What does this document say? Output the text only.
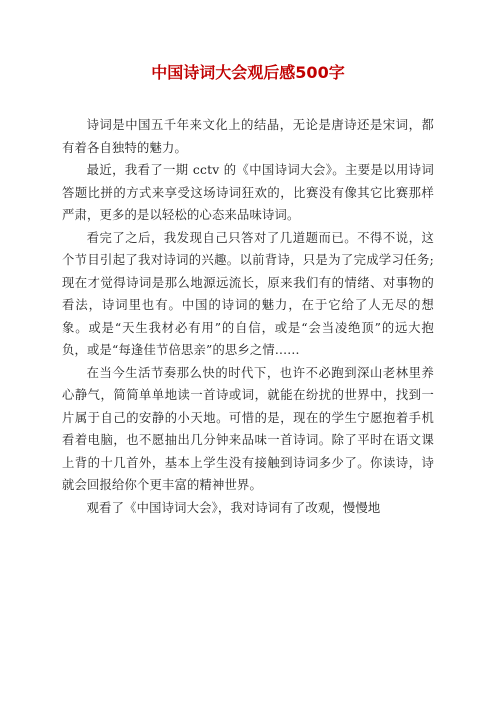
中国诗词大会观后感500字

诗词是中国五千年来文化上的结晶，无论是唐诗还是宋词，都有着各自独特的魅力。

最近，我看了一期 cctv 的《中国诗词大会》。主要是以用诗词答题比拼的方式来享受这场诗词狂欢的，比赛没有像其它比赛那样严肃，更多的是以轻松的心态来品味诗词。

看完了之后，我发现自己只答对了几道题而已。不得不说，这个节目引起了我对诗词的兴趣。以前背诗，只是为了完成学习任务;现在才觉得诗词是那么地源远流长，原来我们有的情绪、对事物的看法，诗词里也有。中国的诗词的魅力，在于它给了人无尽的想象。或是“天生我材必有用”的自信，或是“会当凌绝顶”的远大抱负，或是“每逢佳节倍思亲”的思乡之情......

在当今生活节奏那么快的时代下，也许不必跑到深山老林里养心静气，简简单单地读一首诗或词，就能在纷扰的世界中，找到一片属于自己的安静的小天地。可惜的是，现在的学生宁愿抱着手机看着电脑，也不愿抽出几分钟来品味一首诗词。除了平时在语文课上背的十几首外，基本上学生没有接触到诗词多少了。你读诗，诗就会回报给你个更丰富的精神世界。

观看了《中国诗词大会》，我对诗词有了改观，慢慢地
